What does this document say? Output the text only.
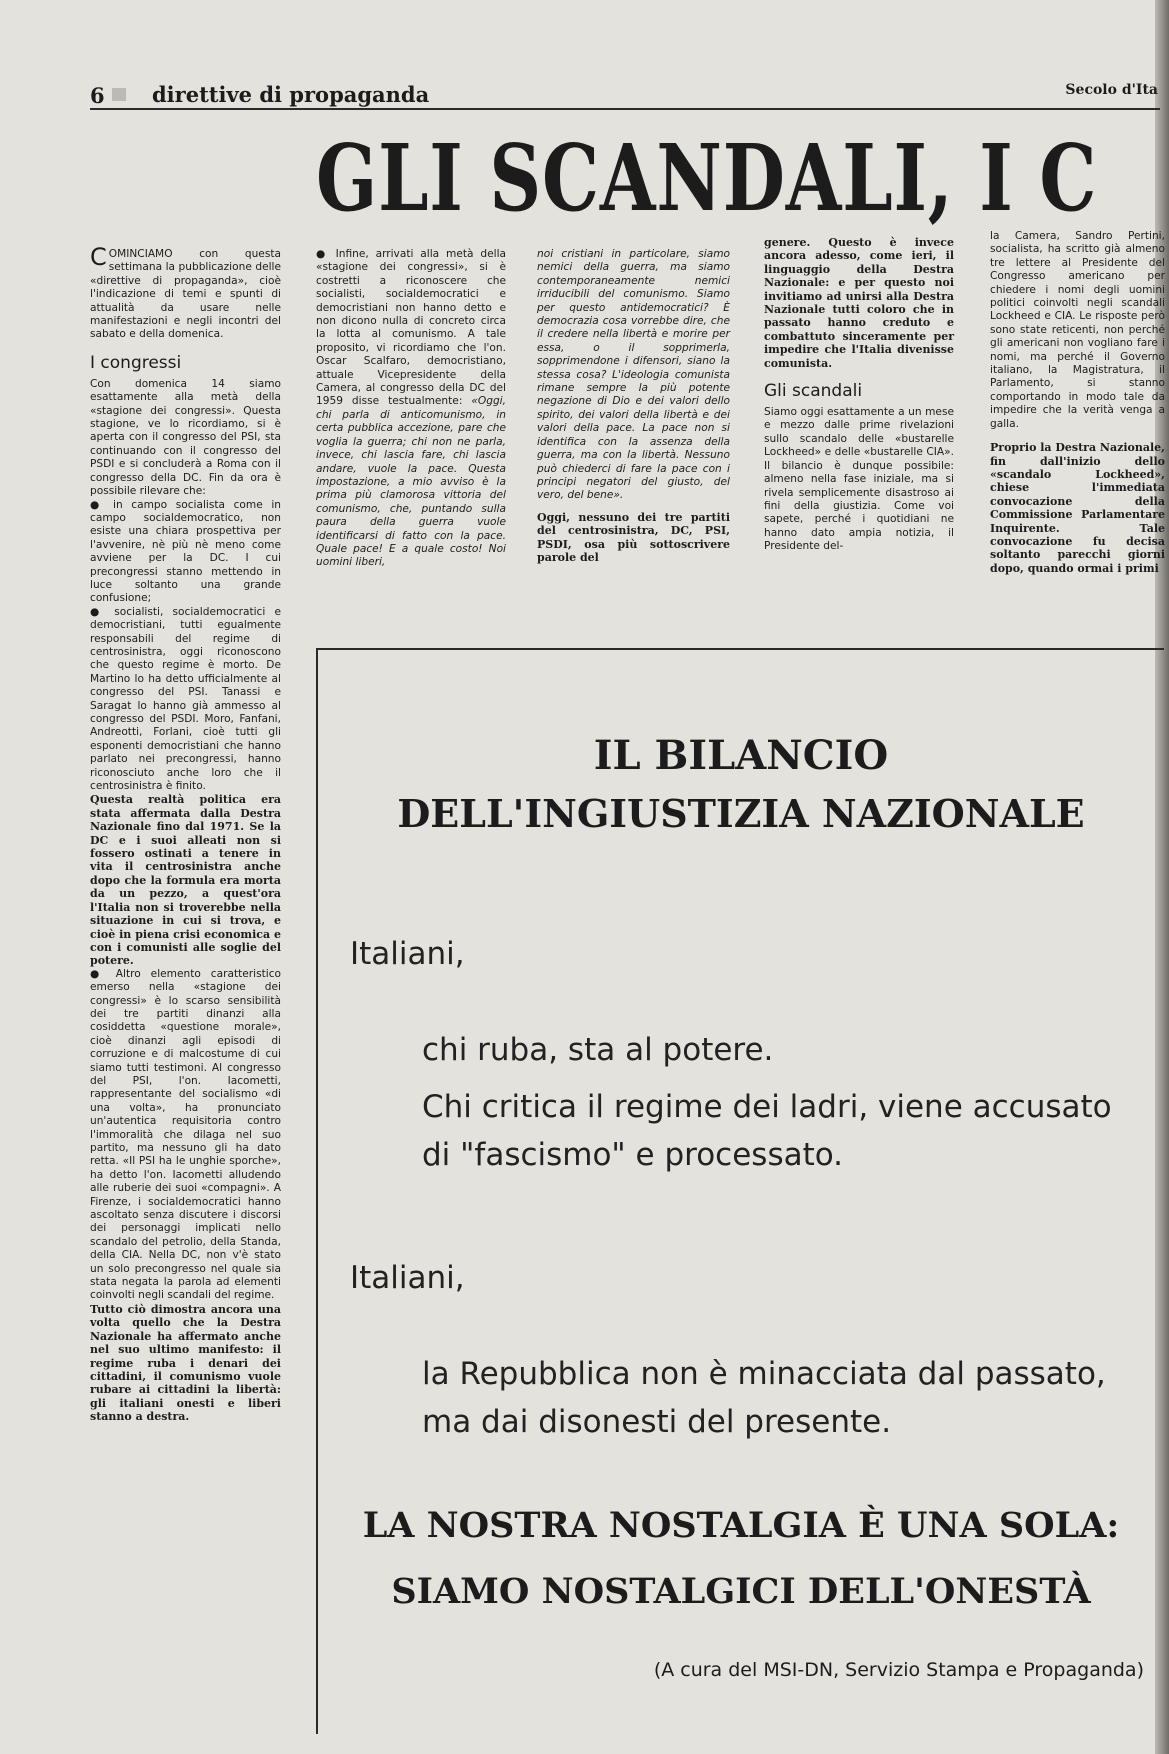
6 direttive di propaganda	Secolo d'Ita
GLI SCANDALI, I C

COMINCIAMO con questa settimana la pubblicazione delle «direttive di propaganda», cioè l'indicazione di temi e spunti di attualità da usare nelle manifestazioni e negli incontri del sabato e della domenica.

I congressi

Con domenica 14 siamo esattamente alla metà della «stagione dei congressi». Questa stagione, ve lo ricordiamo, si è aperta con il congresso del PSI, sta continuando con il congresso del PSDI e si concluderà a Roma con il congresso della DC. Fin da ora è possibile rilevare che:

● in campo socialista come in campo socialdemocratico, non esiste una chiara prospettiva per l'avvenire, nè più nè meno come avviene per la DC. I cui precongressi stanno mettendo in luce soltanto una grande confusione;

● socialisti, socialdemocratici e democristiani, tutti egualmente responsabili del regime di centrosinistra, oggi riconoscono che questo regime è morto. De Martino lo ha detto ufficialmente al congresso del PSI. Tanassi e Saragat lo hanno già ammesso al congresso del PSDI. Moro, Fanfani, Andreotti, Forlani, cioè tutti gli esponenti democristiani che hanno parlato nei precongressi, hanno riconosciuto anche loro che il centrosinistra è finito.

Questa realtà politica era stata affermata dalla Destra Nazionale fino dal 1971. Se la DC e i suoi alleati non si fossero ostinati a tenere in vita il centrosinistra anche dopo che la formula era morta da un pezzo, a quest'ora l'Italia non si troverebbe nella situazione in cui si trova, e cioè in piena crisi economica e con i comunisti alle soglie del potere.

● Altro elemento caratteristico emerso nella «stagione dei congressi» è lo scarso sensibilità dei tre partiti dinanzi alla cosiddetta «questione morale», cioè dinanzi agli episodi di corruzione e di malcostume di cui siamo tutti testimoni. Al congresso del PSI, l'on. Iacometti, rappresentante del socialismo «di una volta», ha pronunciato un'autentica requisitoria contro l'immoralità che dilaga nel suo partito, ma nessuno gli ha dato retta. «Il PSI ha le unghie sporche», ha detto l'on. Iacometti alludendo alle ruberie dei suoi «compagni». A Firenze, i socialdemocratici hanno ascoltato senza discutere i discorsi dei personaggi implicati nello scandalo del petrolio, della Standa, della CIA. Nella DC, non v'è stato un solo precongresso nel quale sia stata negata la parola ad elementi coinvolti negli scandali del regime.

Tutto ciò dimostra ancora una volta quello che la Destra Nazionale ha affermato anche nel suo ultimo manifesto: il regime ruba i denari dei cittadini, il comunismo vuole rubare ai cittadini la libertà: gli italiani onesti e liberi stanno a destra.

● Infine, arrivati alla metà della «stagione dei congressi», si è costretti a riconoscere che socialisti, socialdemocratici e democristiani non hanno detto e non dicono nulla di concreto circa la lotta al comunismo. A tale proposito, vi ricordiamo che l'on. Oscar Scalfaro, democristiano, attuale Vicepresidente della Camera, al congresso della DC del 1959 disse testualmente: «Oggi, chi parla di anticomunismo, in certa pubblica accezione, pare che voglia la guerra; chi non ne parla, invece, chi lascia fare, chi lascia andare, vuole la pace. Questa impostazione, a mio avviso è la prima più clamorosa vittoria del comunismo, che, puntando sulla paura della guerra vuole identificarsi di fatto con la pace. Quale pace! E a quale costo! Noi uomini liberi,

noi cristiani in particolare, siamo nemici della guerra, ma siamo contemporaneamente nemici irriducibili del comunismo. Siamo per questo antidemocratici? È democrazia cosa vorrebbe dire, che il credere nella libertà e morire per essa, o il sopprimerla, sopprimendone i difensori, siano la stessa cosa? L'ideologia comunista rimane sempre la più potente negazione di Dio e dei valori dello spirito, dei valori della libertà e dei valori della pace. La pace non si identifica con la assenza della guerra, ma con la libertà. Nessuno può chiederci di fare la pace con i principi negatori del giusto, del vero, del bene».

Oggi, nessuno dei tre partiti del centrosinistra, DC, PSI, PSDI, osa più sottoscrivere parole del

genere. Questo è invece ancora adesso, come ieri, il linguaggio della Destra Nazionale: e per questo noi invitiamo ad unirsi alla Destra Nazionale tutti coloro che in passato hanno creduto e combattuto sinceramente per impedire che l'Italia divenisse comunista.

Gli scandali

Siamo oggi esattamente a un mese e mezzo dalle prime rivelazioni sullo scandalo delle «bustarelle Lockheed» e delle «bustarelle CIA». Il bilancio è dunque possibile: almeno nella fase iniziale, ma si rivela semplicemente disastroso ai fini della giustizia. Come voi sapete, perché i quotidiani ne hanno dato ampia notizia, il Presidente del-

la Camera, Sandro Pertini, socialista, ha scritto già almeno tre lettere al Presidente del Congresso americano per chiedere i nomi degli uomini politici coinvolti negli scandali Lockheed e CIA. Le risposte però sono state reticenti, non perché gli americani non vogliano fare i nomi, ma perché il Governo italiano, la Magistratura, il Parlamento, si stanno comportando in modo tale da impedire che la verità venga a galla.

Proprio la Destra Nazionale, fin dall'inizio dello «scandalo Lockheed», chiese l'immediata convocazione della Commissione Parlamentare Inquirente. Tale convocazione fu decisa soltanto parecchi giorni dopo, quando ormai i primi

IL BILANCIO
DELL'INGIUSTIZIA NAZIONALE
Italiani,
chi ruba, sta al potere.
Chi critica il regime dei ladri, viene accusato di "fascismo" e processato.
Italiani,
la Repubblica non è minacciata dal passato, ma dai disonesti del presente.
LA NOSTRA NOSTALGIA È UNA SOLA:
SIAMO NOSTALGICI DELL'ONESTÀ
(A cura del MSI-DN, Servizio Stampa e Propaganda)
